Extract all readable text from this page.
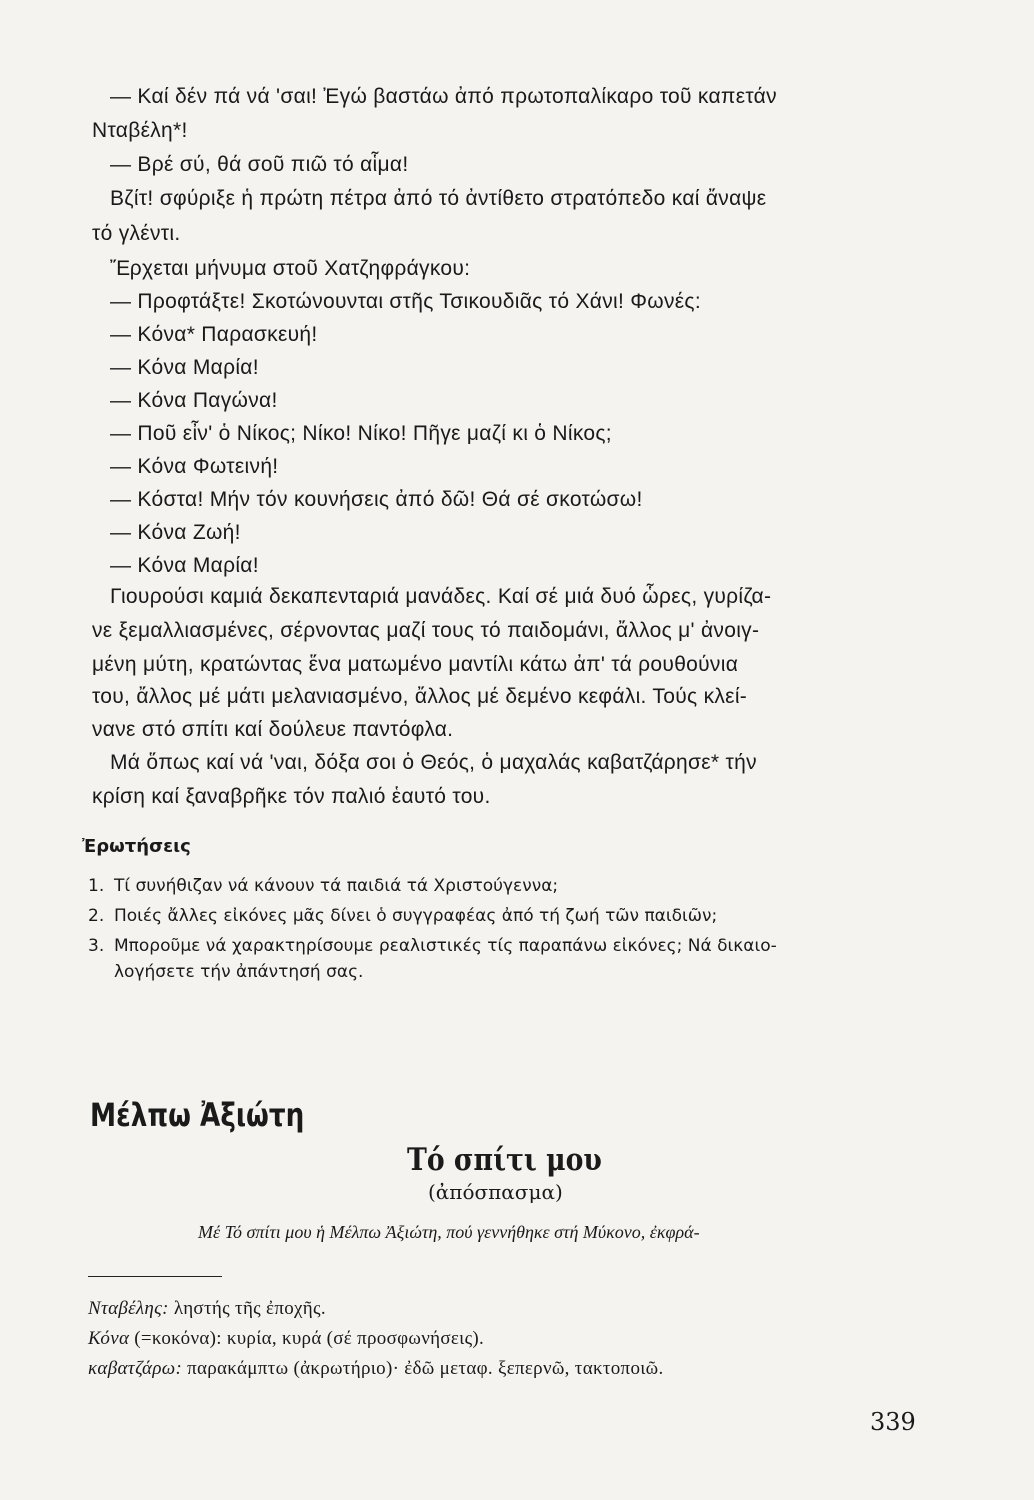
— Καί δέν πά νά 'σαι! Ἐγώ βαστάω ἀπό πρωτοπαλίκαρο τοῦ καπετάν
Νταβέλη*!
— Βρέ σύ, θά σοῦ πιῶ τό αἷμα!
Βζίτ! σφύριξε ἡ πρώτη πέτρα ἀπό τό ἀντίθετο στρατόπεδο καί ἄναψε
τό γλέντι.
Ἔρχεται μήνυμα στοῦ Χατζηφράγκου:
— Προφτάξτε! Σκοτώνουνται στῆς Τσικουδιᾶς τό Χάνι! Φωνές:
— Κόνα* Παρασκευή!
— Κόνα Μαρία!
— Κόνα Παγώνα!
— Ποῦ εἶν' ὁ Νίκος; Νίκο! Νίκο! Πῆγε μαζί κι ὁ Νίκος;
— Κόνα Φωτεινή!
— Κόστα! Μήν τόν κουνήσεις ἀπό δῶ! Θά σέ σκοτώσω!
— Κόνα Ζωή!
— Κόνα Μαρία!
Γιουρούσι καμιά δεκαπενταριά μανάδες. Καί σέ μιά δυό ὧρες, γυρίζα-
νε ξεμαλλιασμένες, σέρνοντας μαζί τους τό παιδομάνι, ἄλλος μ' ἀνοιγ-
μένη μύτη, κρατώντας ἕνα ματωμένο μαντίλι κάτω ἀπ' τά ρουθούνια
του, ἄλλος μέ μάτι μελανιασμένο, ἄλλος μέ δεμένο κεφάλι. Τούς κλεί-
νανε στό σπίτι καί δούλευε παντόφλα.
Μά ὅπως καί νά 'ναι, δόξα σοι ὁ Θεός, ὁ μαχαλάς καβατζάρησε* τήν
κρίση καί ξαναβρῆκε τόν παλιό ἑαυτό του.
Ἐρωτήσεις
1. Τί συνήθιζαν νά κάνουν τά παιδιά τά Χριστούγεννα;
2. Ποιές ἄλλες εἰκόνες μᾶς δίνει ὁ συγγραφέας ἀπό τή ζωή τῶν παιδιῶν;
3. Μποροῦμε νά χαρακτηρίσουμε ρεαλιστικές τίς παραπάνω εἰκόνες; Νά δικαιο-
λογήσετε τήν ἀπάντησή σας.
Μέλπω Ἀξιώτη
Τό σπίτι μου
(ἀπόσπασμα)
Μέ Τό σπίτι μου ἡ Μέλπω Ἀξιώτη, πού γεννήθηκε στή Μύκονο, ἐκφρά-
Νταβέλης: ληστής τῆς ἐποχῆς.
Κόνα (=κοκόνα): κυρία, κυρά (σέ προσφωνήσεις).
καβατζάρω: παρακάμπτω (ἀκρωτήριο)· ἐδῶ μεταφ. ξεπερνῶ, τακτοποιῶ.
339
